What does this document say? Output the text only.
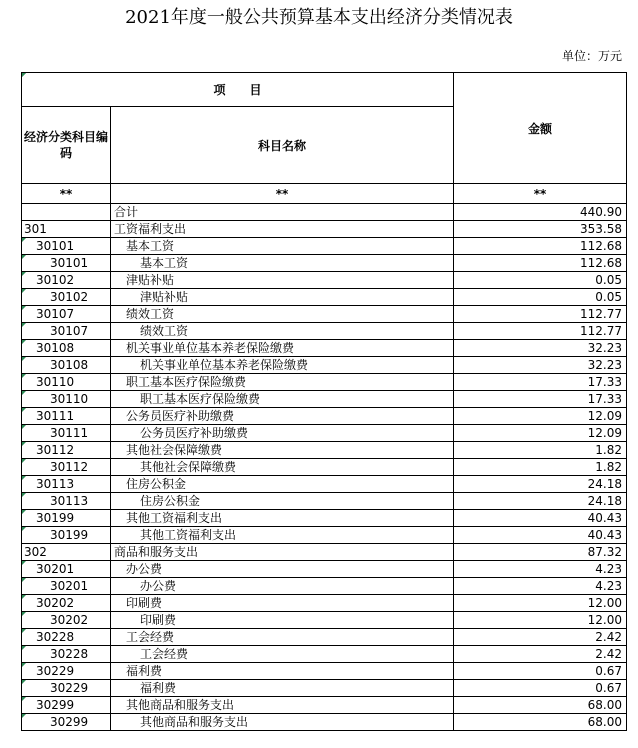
2021年度一般公共预算基本支出经济分类情况表
单位：万元
项　　目		金额
经济分类科目编码	科目名称	
**	**	**
	合计	440.90
301	工资福利支出	353.58
30101	基本工资	112.68
30101	基本工资	112.68
30102	津贴补贴	0.05
30102	津贴补贴	0.05
30107	绩效工资	112.77
30107	绩效工资	112.77
30108	机关事业单位基本养老保险缴费	32.23
30108	机关事业单位基本养老保险缴费	32.23
30110	职工基本医疗保险缴费	17.33
30110	职工基本医疗保险缴费	17.33
30111	公务员医疗补助缴费	12.09
30111	公务员医疗补助缴费	12.09
30112	其他社会保障缴费	1.82
30112	其他社会保障缴费	1.82
30113	住房公积金	24.18
30113	住房公积金	24.18
30199	其他工资福利支出	40.43
30199	其他工资福利支出	40.43
302	商品和服务支出	87.32
30201	办公费	4.23
30201	办公费	4.23
30202	印刷费	12.00
30202	印刷费	12.00
30228	工会经费	2.42
30228	工会经费	2.42
30229	福利费	0.67
30229	福利费	0.67
30299	其他商品和服务支出	68.00
30299	其他商品和服务支出	68.00
